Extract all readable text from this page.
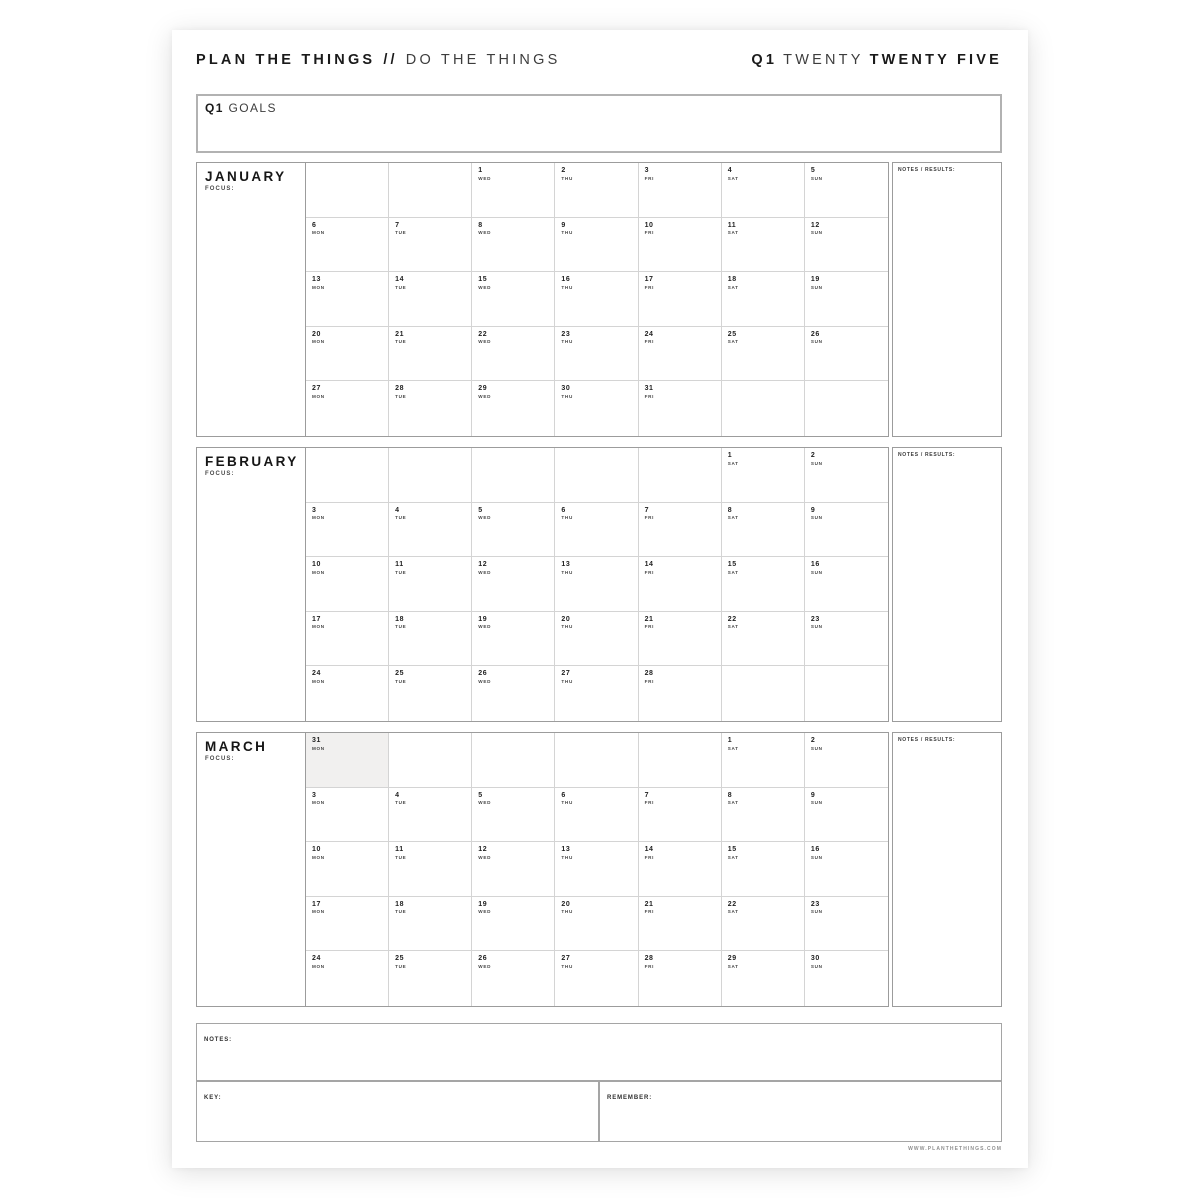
PLAN THE THINGS // DO THE THINGS	Q1 TWENTY TWENTY FIVE
Q1 GOALS
JANUARY
FOCUS:
1
WED
2
THU
3
FRI
4
SAT
5
SUN
6
MON
7
TUE
8
WED
9
THU
10
FRI
11
SAT
12
SUN
13
MON
14
TUE
15
WED
16
THU
17
FRI
18
SAT
19
SUN
20
MON
21
TUE
22
WED
23
THU
24
FRI
25
SAT
26
SUN
27
MON
28
TUE
29
WED
30
THU
31
FRI
NOTES / RESULTS:
FEBRUARY
FOCUS:
1
SAT
2
SUN
3
MON
4
TUE
5
WED
6
THU
7
FRI
8
SAT
9
SUN
10
MON
11
TUE
12
WED
13
THU
14
FRI
15
SAT
16
SUN
17
MON
18
TUE
19
WED
20
THU
21
FRI
22
SAT
23
SUN
24
MON
25
TUE
26
WED
27
THU
28
FRI
NOTES / RESULTS:
MARCH
FOCUS:
31
MON
1
SAT
2
SUN
3
MON
4
TUE
5
WED
6
THU
7
FRI
8
SAT
9
SUN
10
MON
11
TUE
12
WED
13
THU
14
FRI
15
SAT
16
SUN
17
MON
18
TUE
19
WED
20
THU
21
FRI
22
SAT
23
SUN
24
MON
25
TUE
26
WED
27
THU
28
FRI
29
SAT
30
SUN
NOTES / RESULTS:
NOTES:
KEY:	REMEMBER:
WWW.PLANTHETHINGS.COM
